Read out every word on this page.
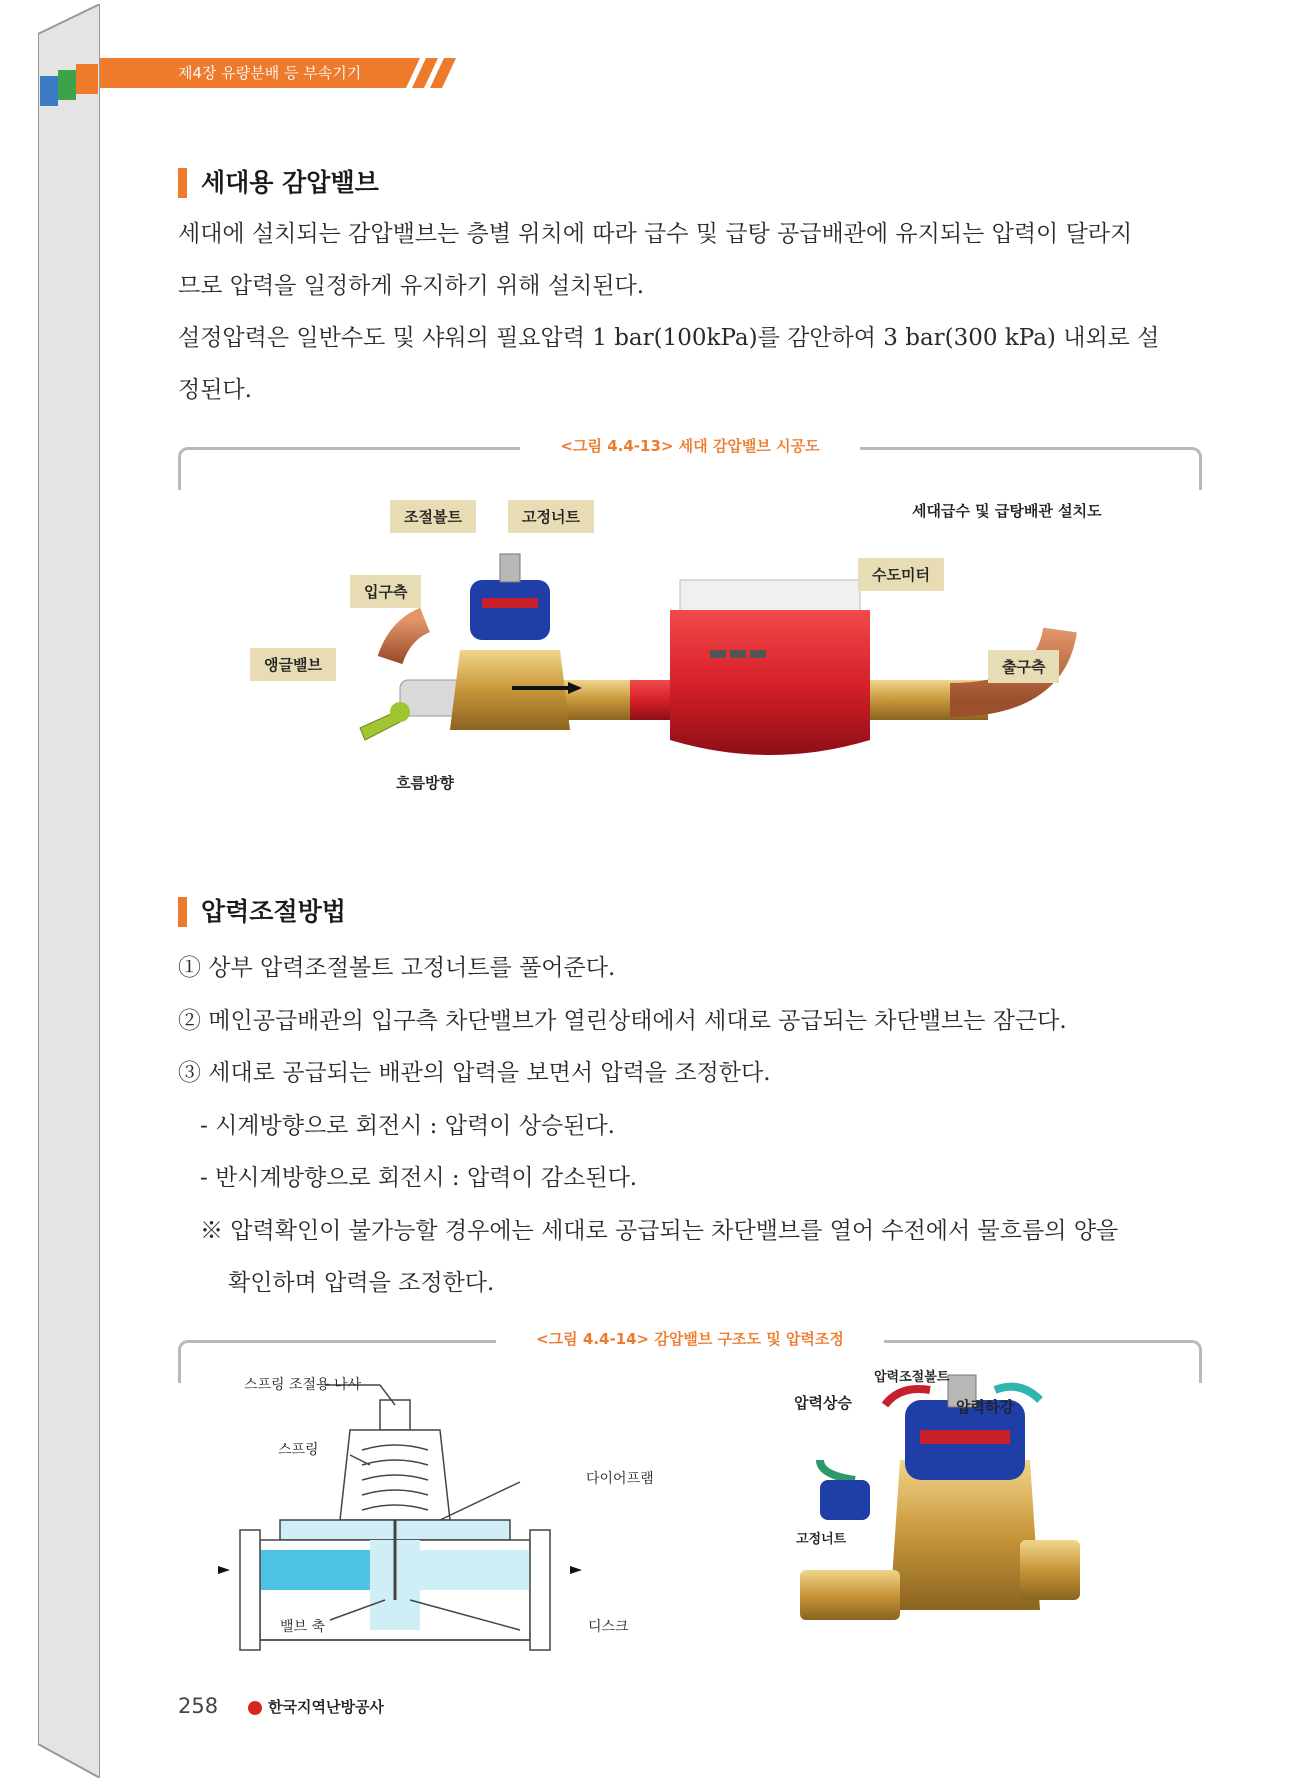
제4장 유량분배 등 부속기기
세대용 감압밸브

세대에 설치되는 감압밸브는 층별 위치에 따라 급수 및 급탕 공급배관에 유지되는 압력이 달라지

므로 압력을 일정하게 유지하기 위해 설치된다.

설정압력은 일반수도 및 샤워의 필요압력 1 bar(100kPa)를 감안하여 3 bar(300 kPa) 내외로 설

정된다.

<그림 4.4-13> 세대 감압밸브 시공도
세대급수 및 급탕배관 설치도
조절볼트	고정너트
입구측
앵글밸브
수도미터
출구측
흐름방향
압력조절방법
① 상부 압력조절볼트 고정너트를 풀어준다.
② 메인공급배관의 입구측 차단밸브가 열린상태에서 세대로 공급되는 차단밸브는 잠근다.
③ 세대로 공급되는 배관의 압력을 보면서 압력을 조정한다.
- 시계방향으로 회전시 : 압력이 상승된다.
- 반시계방향으로 회전시 : 압력이 감소된다.
※ 압력확인이 불가능할 경우에는 세대로 공급되는 차단밸브를 열어 수전에서 물흐름의 양을
확인하며 압력을 조정한다.
<그림 4.4-14> 감압밸브 구조도 및 압력조정
스프링 조절용 나사
스프링
다이어프램
밸브 축	디스크
압력조절볼트
압력상승	압력하강
고정너트
258	한국지역난방공사
